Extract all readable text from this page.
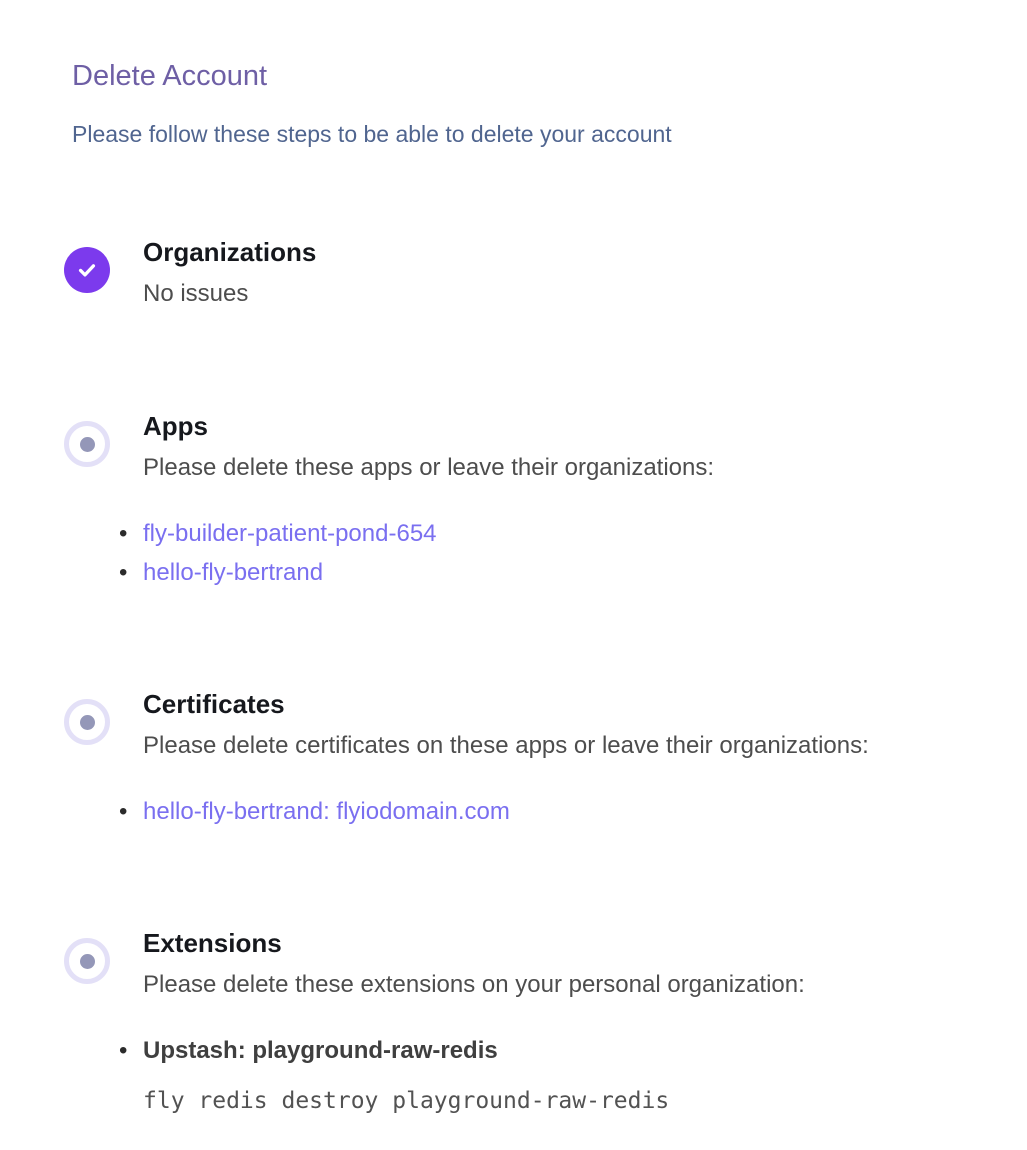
Delete Account
Please follow these steps to be able to delete your account
Organizations
No issues
Apps
Please delete these apps or leave their organizations:
• fly-builder-patient-pond-654
• hello-fly-bertrand
Certificates
Please delete certificates on these apps or leave their organizations:
• hello-fly-bertrand: flyiodomain.com
Extensions
Please delete these extensions on your personal organization:
• Upstash: playground-raw-redis
fly redis destroy playground-raw-redis
